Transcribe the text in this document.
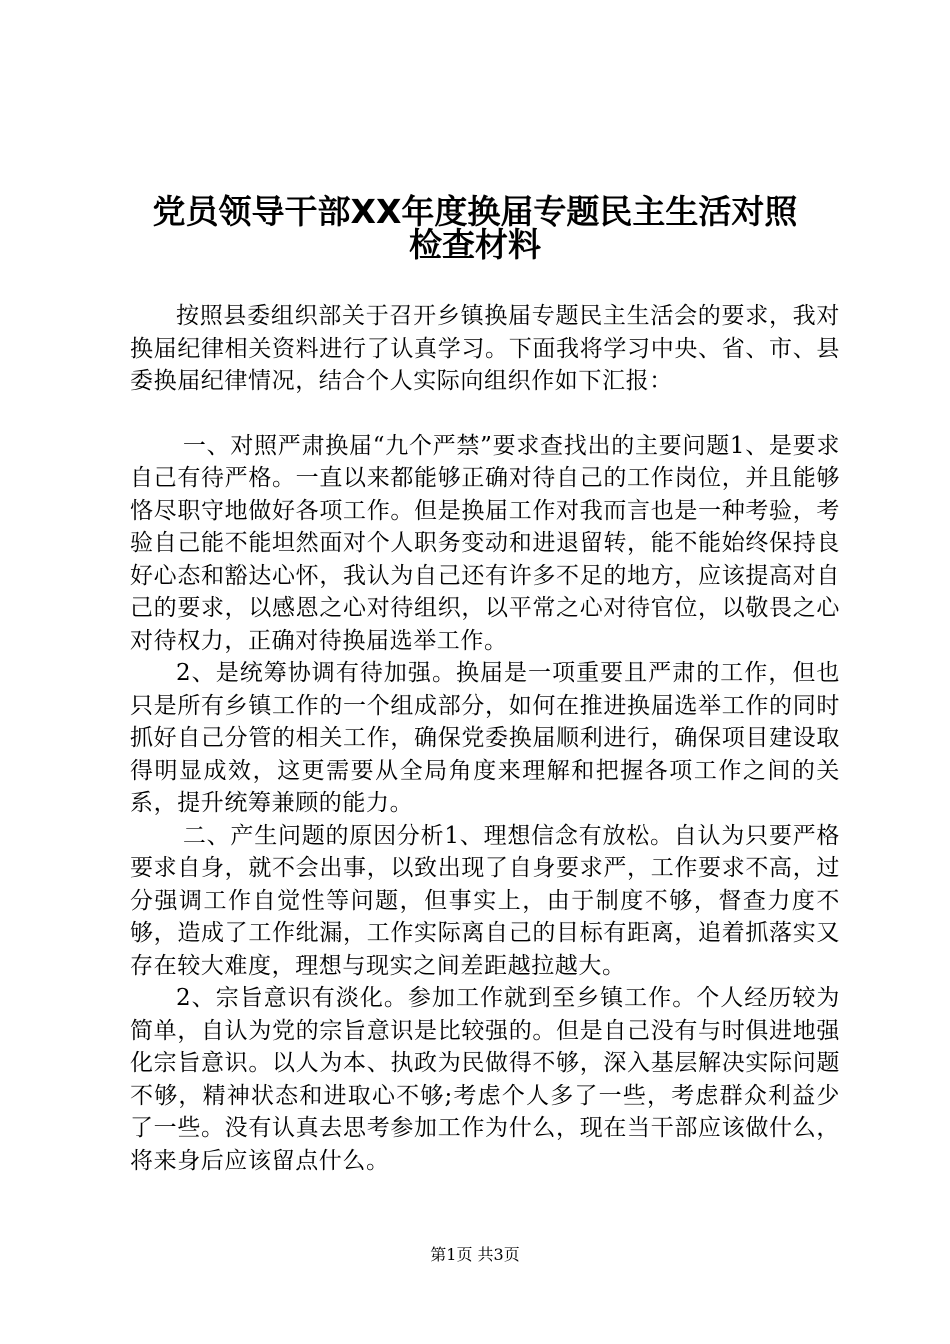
党员领导干部XX年度换届专题民主生活对照
检查材料

按照县委组织部关于召开乡镇换届专题民主生活会的要求，我对换届纪律相关资料进行了认真学习。下面我将学习中央、省、市、县委换届纪律情况，结合个人实际向组织作如下汇报：

一、对照严肃换届“九个严禁”要求查找出的主要问题1、是要求自己有待严格。一直以来都能够正确对待自己的工作岗位，并且能够恪尽职守地做好各项工作。但是换届工作对我而言也是一种考验，考验自己能不能坦然面对个人职务变动和进退留转，能不能始终保持良好心态和豁达心怀，我认为自己还有许多不足的地方，应该提高对自己的要求，以感恩之心对待组织，以平常之心对待官位，以敬畏之心对待权力，正确对待换届选举工作。

2、是统筹协调有待加强。换届是一项重要且严肃的工作，但也只是所有乡镇工作的一个组成部分，如何在推进换届选举工作的同时抓好自己分管的相关工作，确保党委换届顺利进行，确保项目建设取得明显成效，这更需要从全局角度来理解和把握各项工作之间的关系，提升统筹兼顾的能力。

二、产生问题的原因分析1、理想信念有放松。自认为只要严格要求自身，就不会出事，以致出现了自身要求严，工作要求不高，过分强调工作自觉性等问题，但事实上，由于制度不够，督查力度不够，造成了工作纰漏，工作实际离自己的目标有距离，追着抓落实又存在较大难度，理想与现实之间差距越拉越大。

2、宗旨意识有淡化。参加工作就到至乡镇工作。个人经历较为简单，自认为党的宗旨意识是比较强的。但是自己没有与时俱进地强化宗旨意识。以人为本、执政为民做得不够，深入基层解决实际问题不够，精神状态和进取心不够;考虑个人多了一些，考虑群众利益少了一些。没有认真去思考参加工作为什么，现在当干部应该做什么，将来身后应该留点什么。

第1页 共3页
